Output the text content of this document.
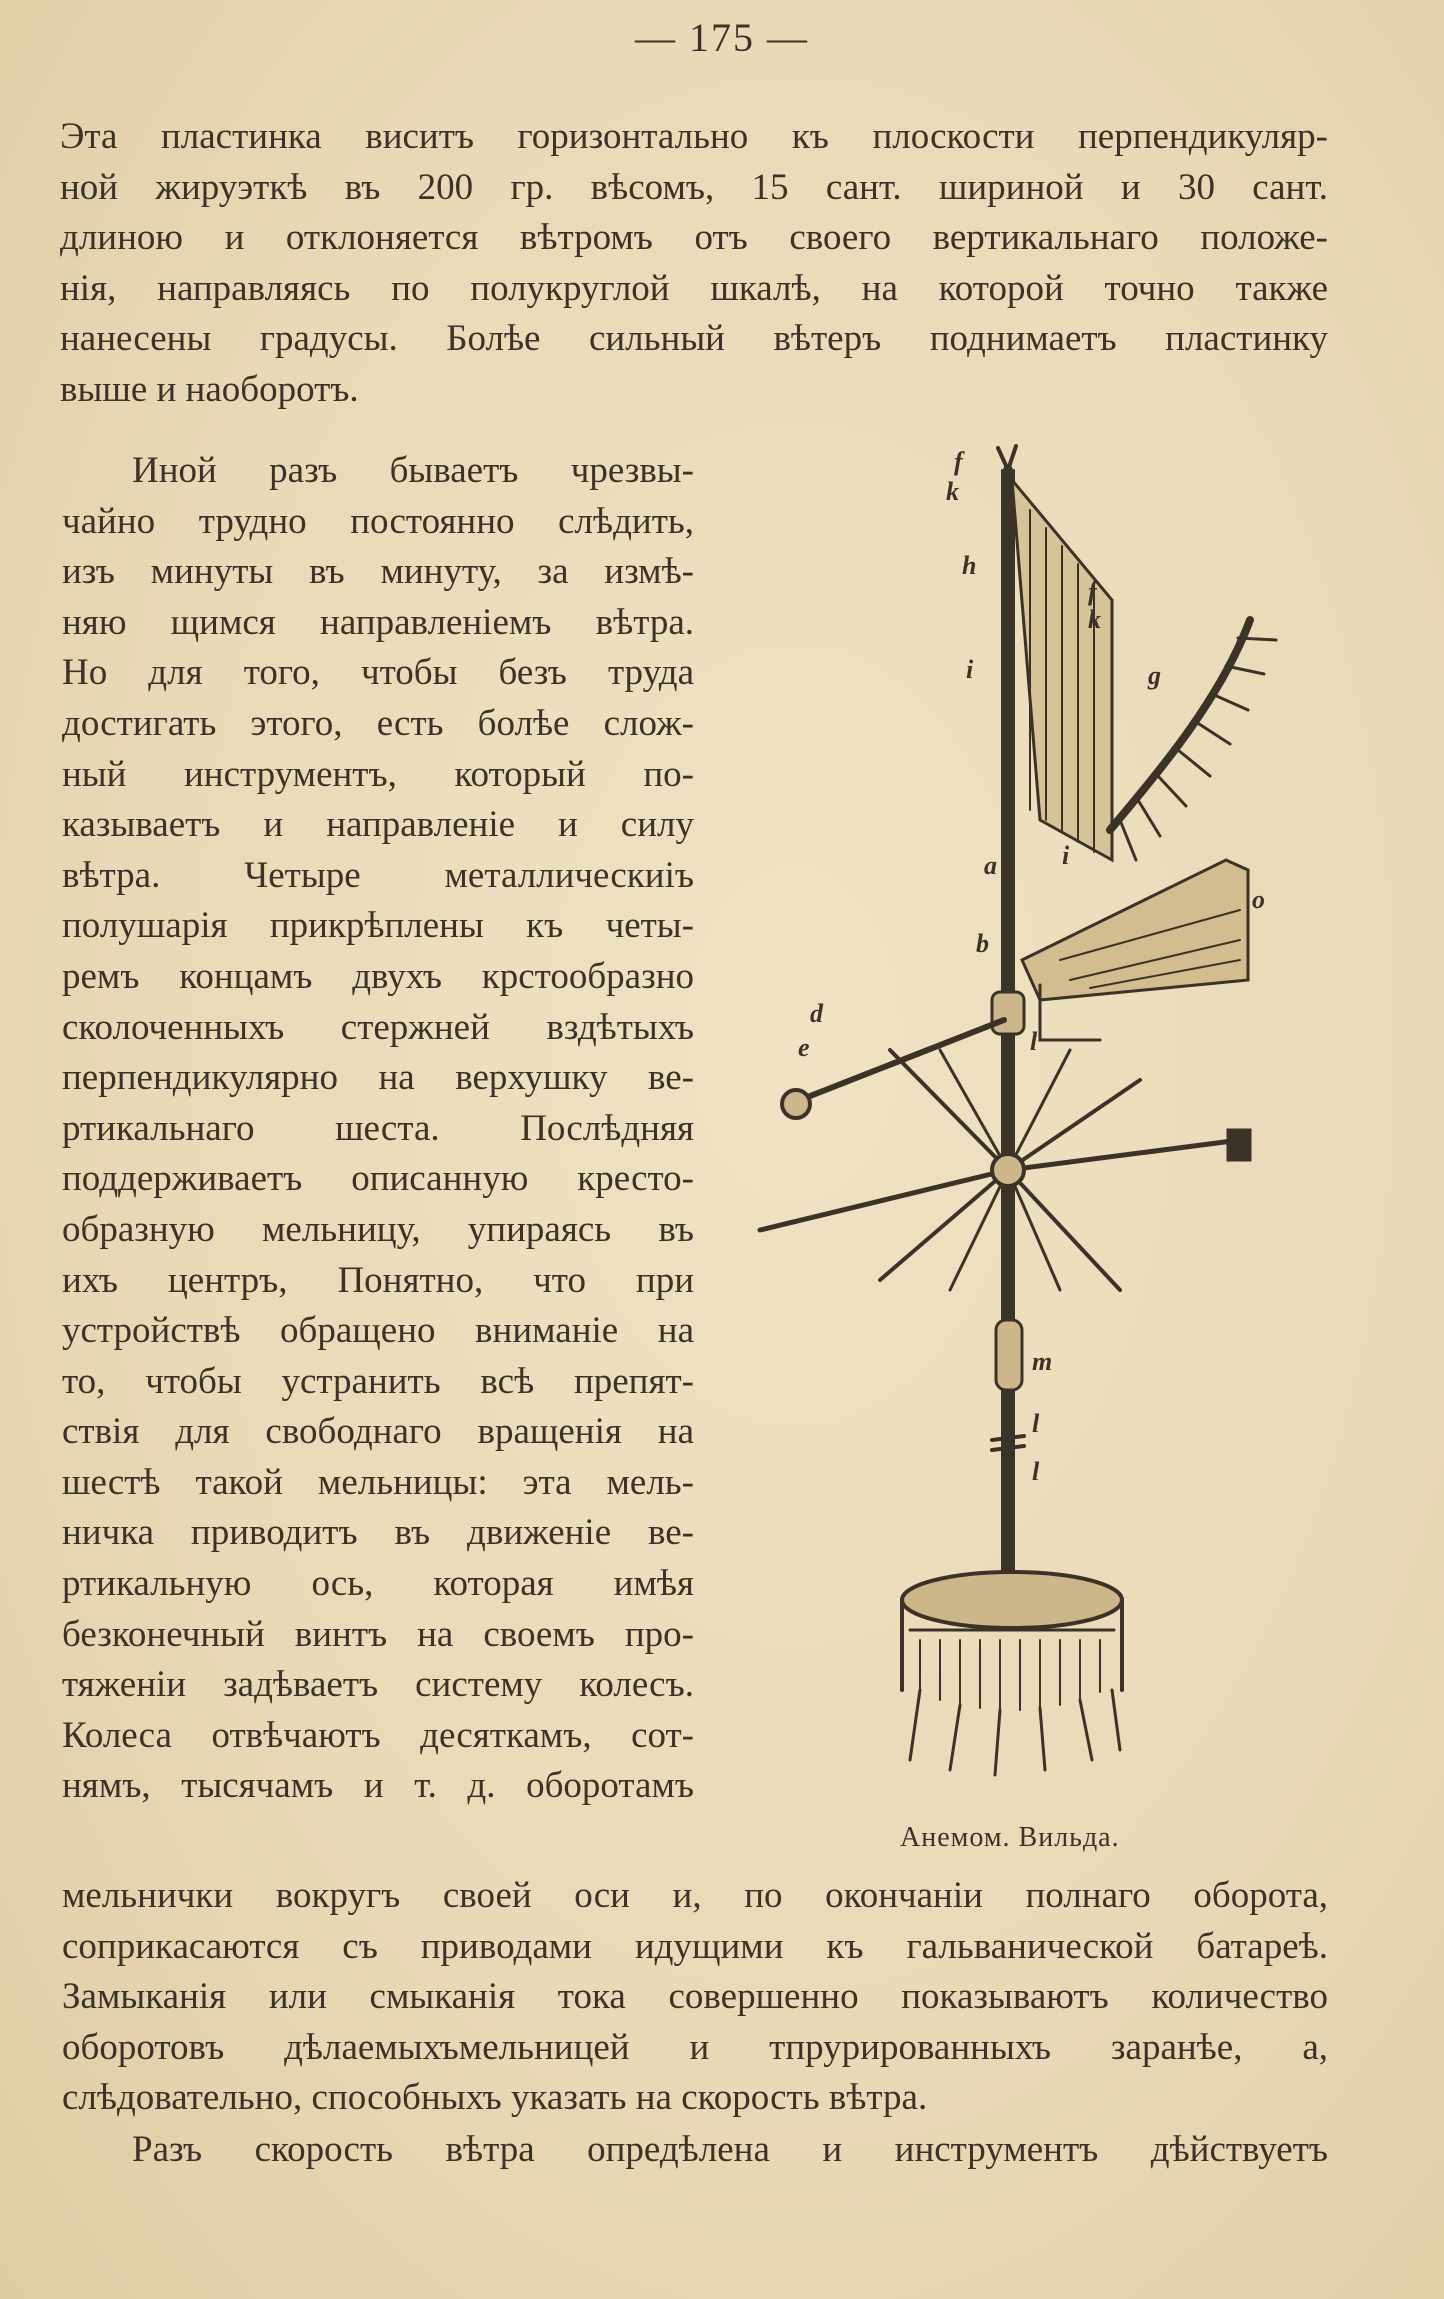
— 175 —
Эта пластинка виситъ горизонтально къ плоскости перпендикуляр-
ной жируэткѣ въ 200 гр. вѣсомъ, 15 сант. шириной и 30 сант.
длиною и отклоняется вѣтромъ отъ своего вертикальнаго положе-
нія, направляясь по полукруглой шкалѣ, на которой точно также
нанесены градусы. Болѣе сильный вѣтеръ поднимаетъ пластинку
выше и наоборотъ.
Иной разъ бываетъ чрезвы-
чайно трудно постоянно слѣдить,
изъ минуты въ минуту, за измѣ-
няю щимся направленіемъ вѣтра.
Но для того, чтобы безъ труда
достигать этого, есть болѣе слож-
ный инструментъ, который по-
казываетъ и направленіе и силу
вѣтра. Четыре металлическиіъ
полушарія прикрѣплены къ четы-
ремъ концамъ двухъ крстообразно
сколоченныхъ стержней вздѣтыхъ
перпендикулярно на верхушку ве-
ртикальнаго шеста. Послѣдняя
поддерживаетъ описанную кресто-
образную мельницу, упираясь въ
ихъ центръ, Понятно, что при
устройствѣ обращено вниманіе на
то, чтобы устранить всѣ препят-
ствія для свободнаго вращенія на
шестѣ такой мельницы: эта мель-
ничка приводитъ въ движеніе ве-
ртикальную ось, которая имѣя
безконечный винтъ на своемъ про-
тяженіи задѣваетъ систему колесъ.
Колеса отвѣчаютъ десяткамъ, сот-
нямъ, тысячамъ и т. д. оборотамъ
мельнички вокругъ своей оси и, по окончаніи полнаго оборота,
соприкасаются съ приводами идущими къ гальванической батареѣ.
Замыканія или смыканія тока совершенно показываютъ количество
оборотовъ дѣлаемыхъмельницей и тпрурированныхъ заранѣе, а,
слѣдовательно, способныхъ указать на скорость вѣтра.
Разъ скорость вѣтра опредѣлена и инструментъ дѣйствуетъ
f
k
h
f
k
g
i
i
a
o
b
d
e	l
m
l
l
Анемом. Вильда.
